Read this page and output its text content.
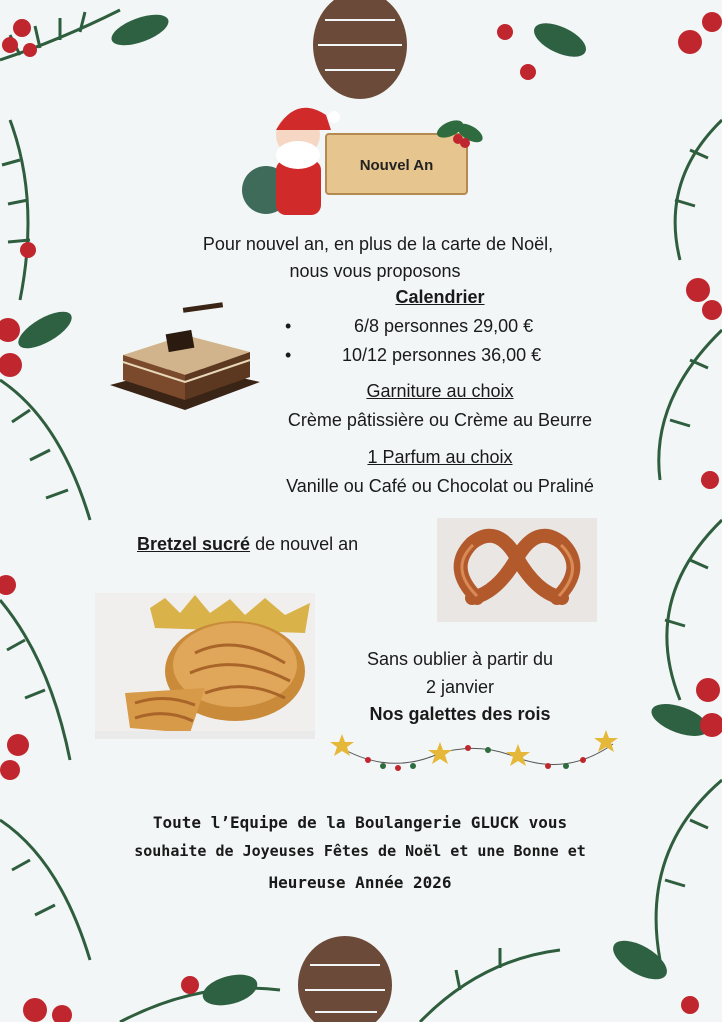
Nouvel An
Pour nouvel an, en plus de la carte de Noël,
nous vous proposons
Calendrier
•	6/8 personnes 29,00 €
•	10/12 personnes 36,00 €
Garniture au choix
Crème pâtissière ou Crème au Beurre
1 Parfum au choix
Vanille ou Café ou Chocolat ou Praliné
Bretzel sucré de nouvel an
Sans oublier à partir du
2 janvier
Nos galettes des rois
Toute l’Equipe de la Boulangerie GLUCK vous
souhaite de Joyeuses Fêtes de Noël et une Bonne et
Heureuse Année 2026
